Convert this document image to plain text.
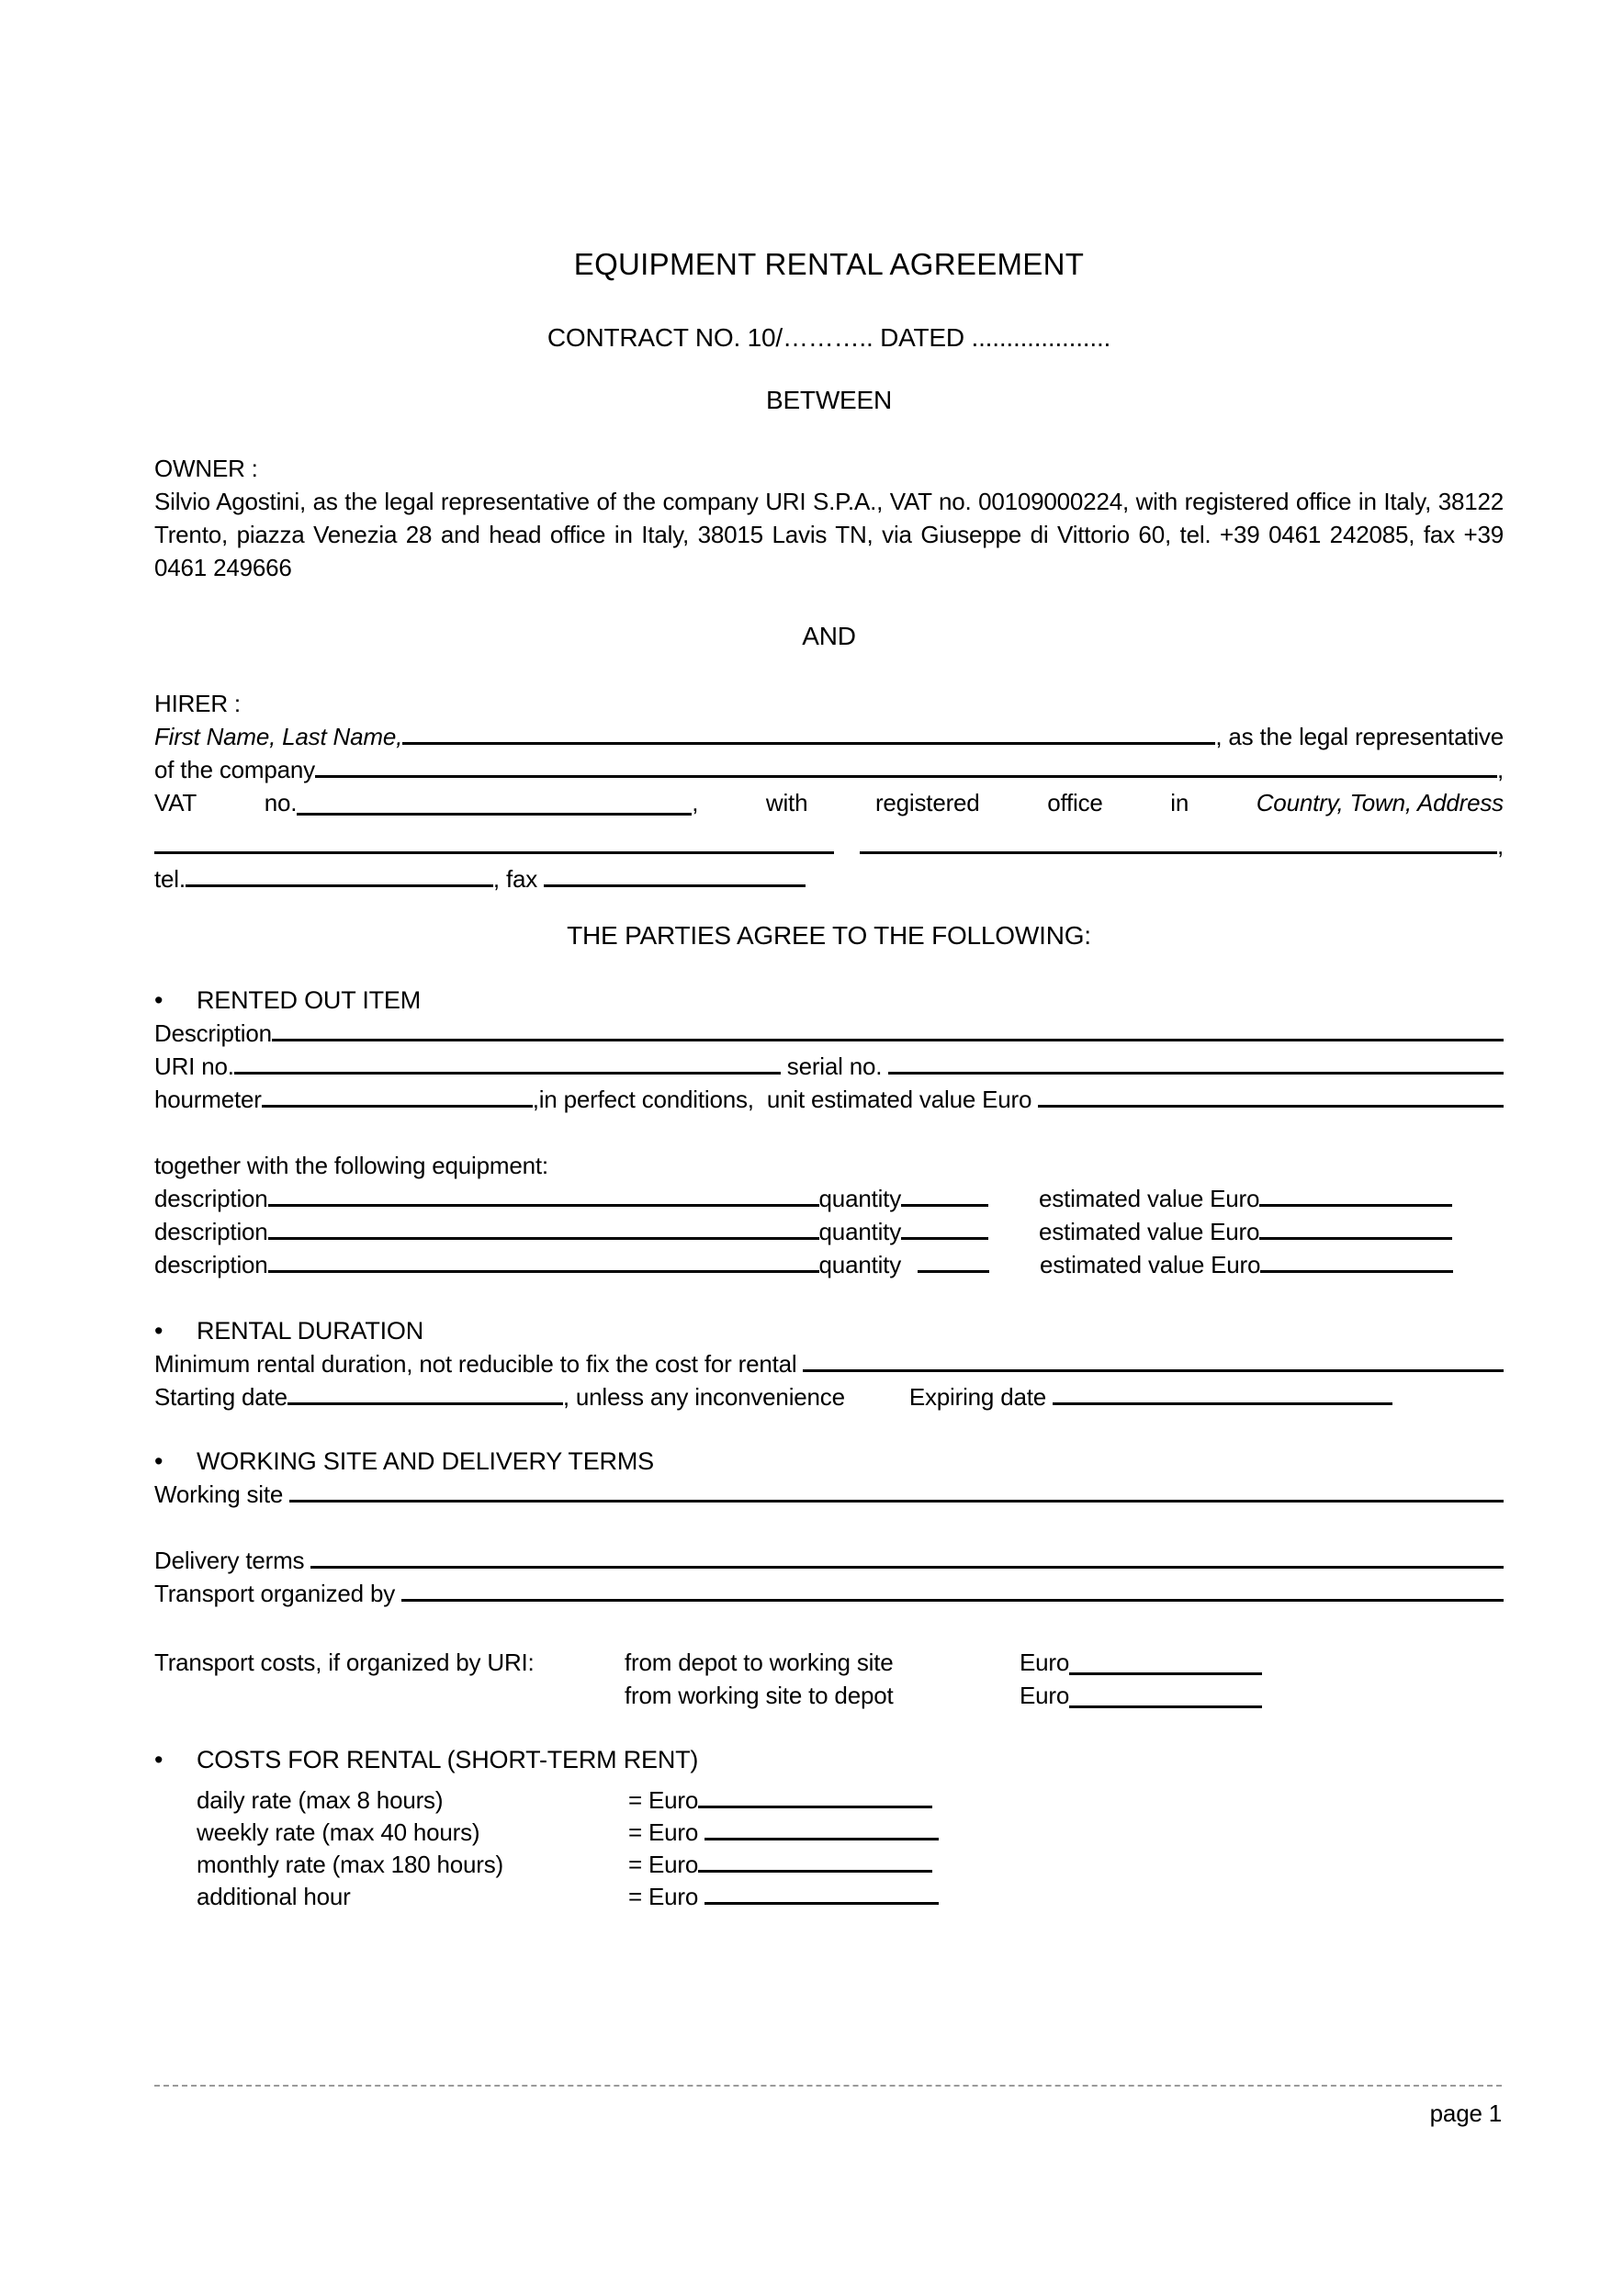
EQUIPMENT RENTAL AGREEMENT
CONTRACT NO. 10/……….. DATED ....................
BETWEEN
OWNER :
Silvio Agostini, as the legal representative of the company URI S.P.A., VAT no. 00109000224, with registered office in Italy, 38122 Trento, piazza Venezia 28 and head office in Italy, 38015 Lavis TN, via Giuseppe di Vittorio 60, tel. +39 0461 242085, fax +39 0461 249666
AND
HIRER :
First Name, Last Name,	, as the legal representative
of the company	,
VAT	no.	,	with	registered	office	in	Country, Town, Address
,
tel.	, fax
THE PARTIES AGREE TO THE FOLLOWING:
•	RENTED OUT ITEM
Description
URI no.	serial no.
hourmeter	,in perfect conditions,  unit estimated value Euro
together with the following equipment:
description	quantity	estimated value Euro
description	quantity	estimated value Euro
description	quantity	estimated value Euro
•	RENTAL DURATION
Minimum rental duration, not reducible to fix the cost for rental
Starting date	, unless any inconvenience	Expiring date
•	WORKING SITE AND DELIVERY TERMS
Working site
Delivery terms
Transport organized by
Transport costs, if organized by URI:	from depot to working site	Euro
from working site to depot	Euro
•	COSTS FOR RENTAL (SHORT-TERM RENT)
daily rate (max 8 hours)	= Euro
weekly rate (max 40 hours)	= Euro
monthly rate (max 180 hours)	= Euro
additional hour	= Euro
page 1
